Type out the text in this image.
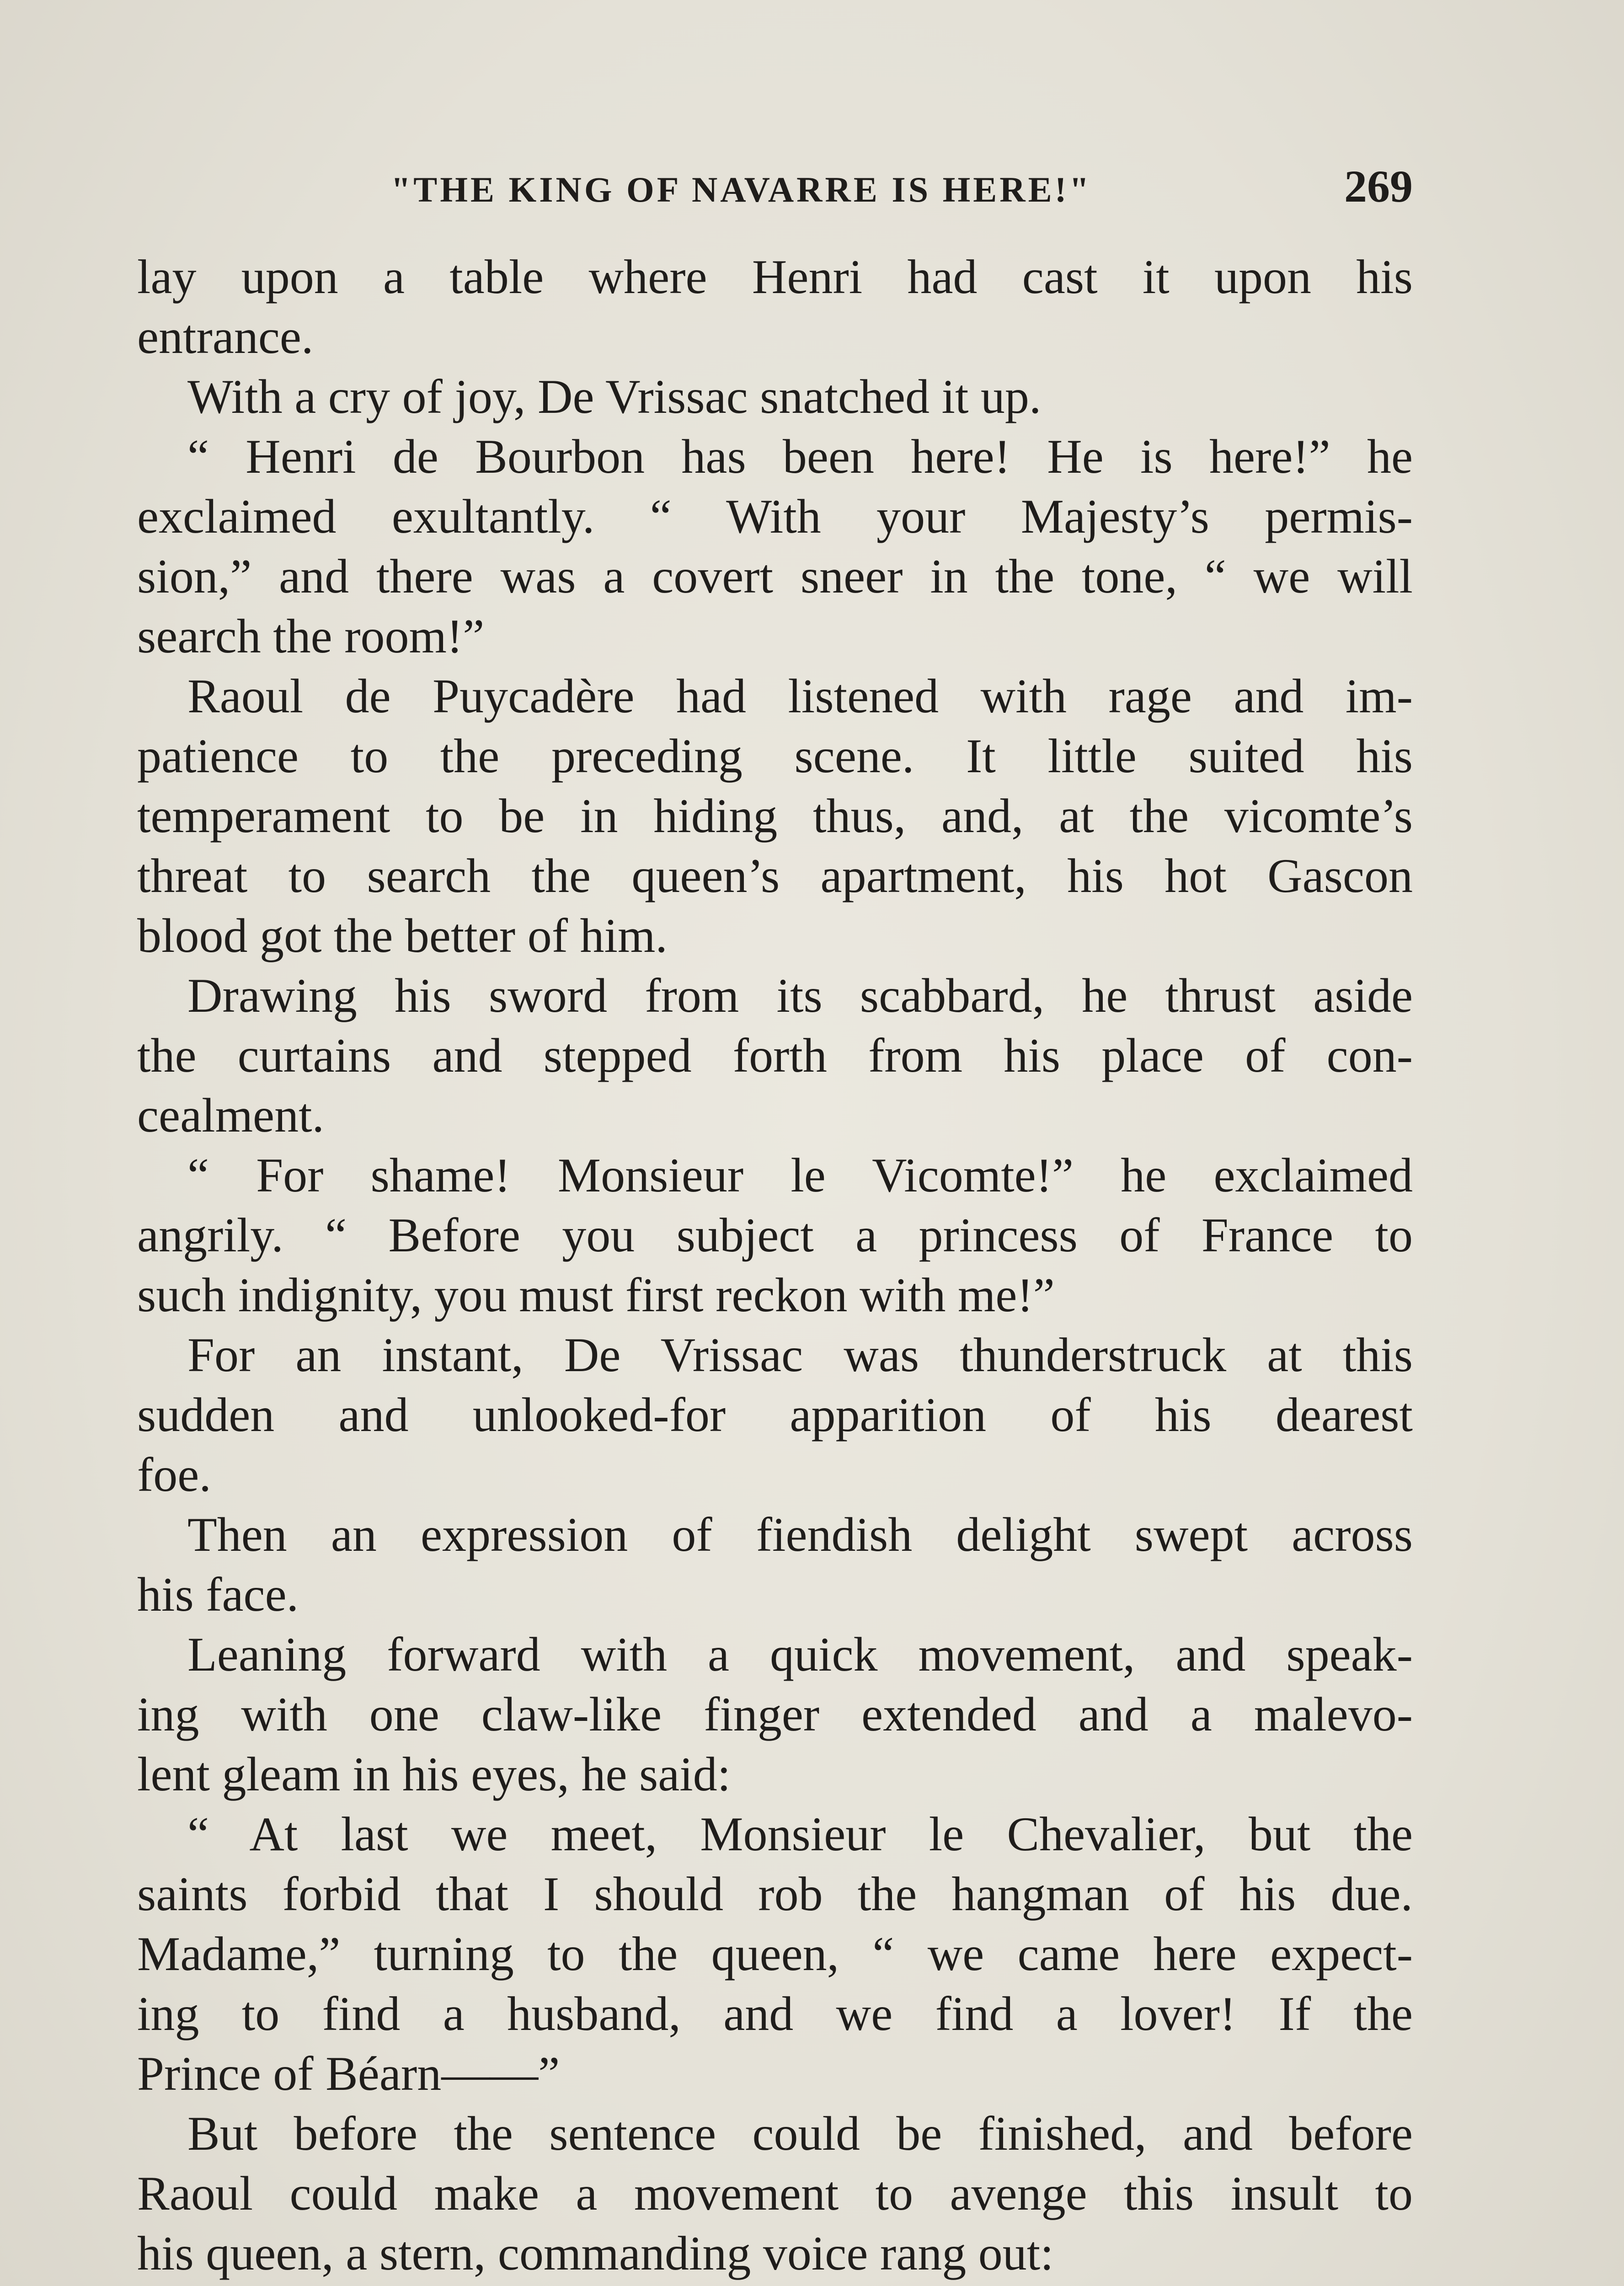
"THE KING OF NAVARRE IS HERE!"	269
lay upon a table where Henri had cast it upon his
entrance.
With a cry of joy, De Vrissac snatched it up.
“ Henri de Bourbon has been here! He is here!” he
exclaimed exultantly. “ With your Majesty’s permis-
sion,” and there was a covert sneer in the tone, “ we will
search the room!”
Raoul de Puycadère had listened with rage and im-
patience to the preceding scene. It little suited his
temperament to be in hiding thus, and, at the vicomte’s
threat to search the queen’s apartment, his hot Gascon
blood got the better of him.
Drawing his sword from its scabbard, he thrust aside
the curtains and stepped forth from his place of con-
cealment.
“ For shame! Monsieur le Vicomte!” he exclaimed
angrily. “ Before you subject a princess of France to
such indignity, you must first reckon with me!”
For an instant, De Vrissac was thunderstruck at this
sudden and unlooked-for apparition of his dearest
foe.
Then an expression of fiendish delight swept across
his face.
Leaning forward with a quick movement, and speak-
ing with one claw-like finger extended and a malevo-
lent gleam in his eyes, he said:
“ At last we meet, Monsieur le Chevalier, but the
saints forbid that I should rob the hangman of his due.
Madame,” turning to the queen, “ we came here expect-
ing to find a husband, and we find a lover! If the
Prince of Béarn——”
But before the sentence could be finished, and before
Raoul could make a movement to avenge this insult to
his queen, a stern, commanding voice rang out:
